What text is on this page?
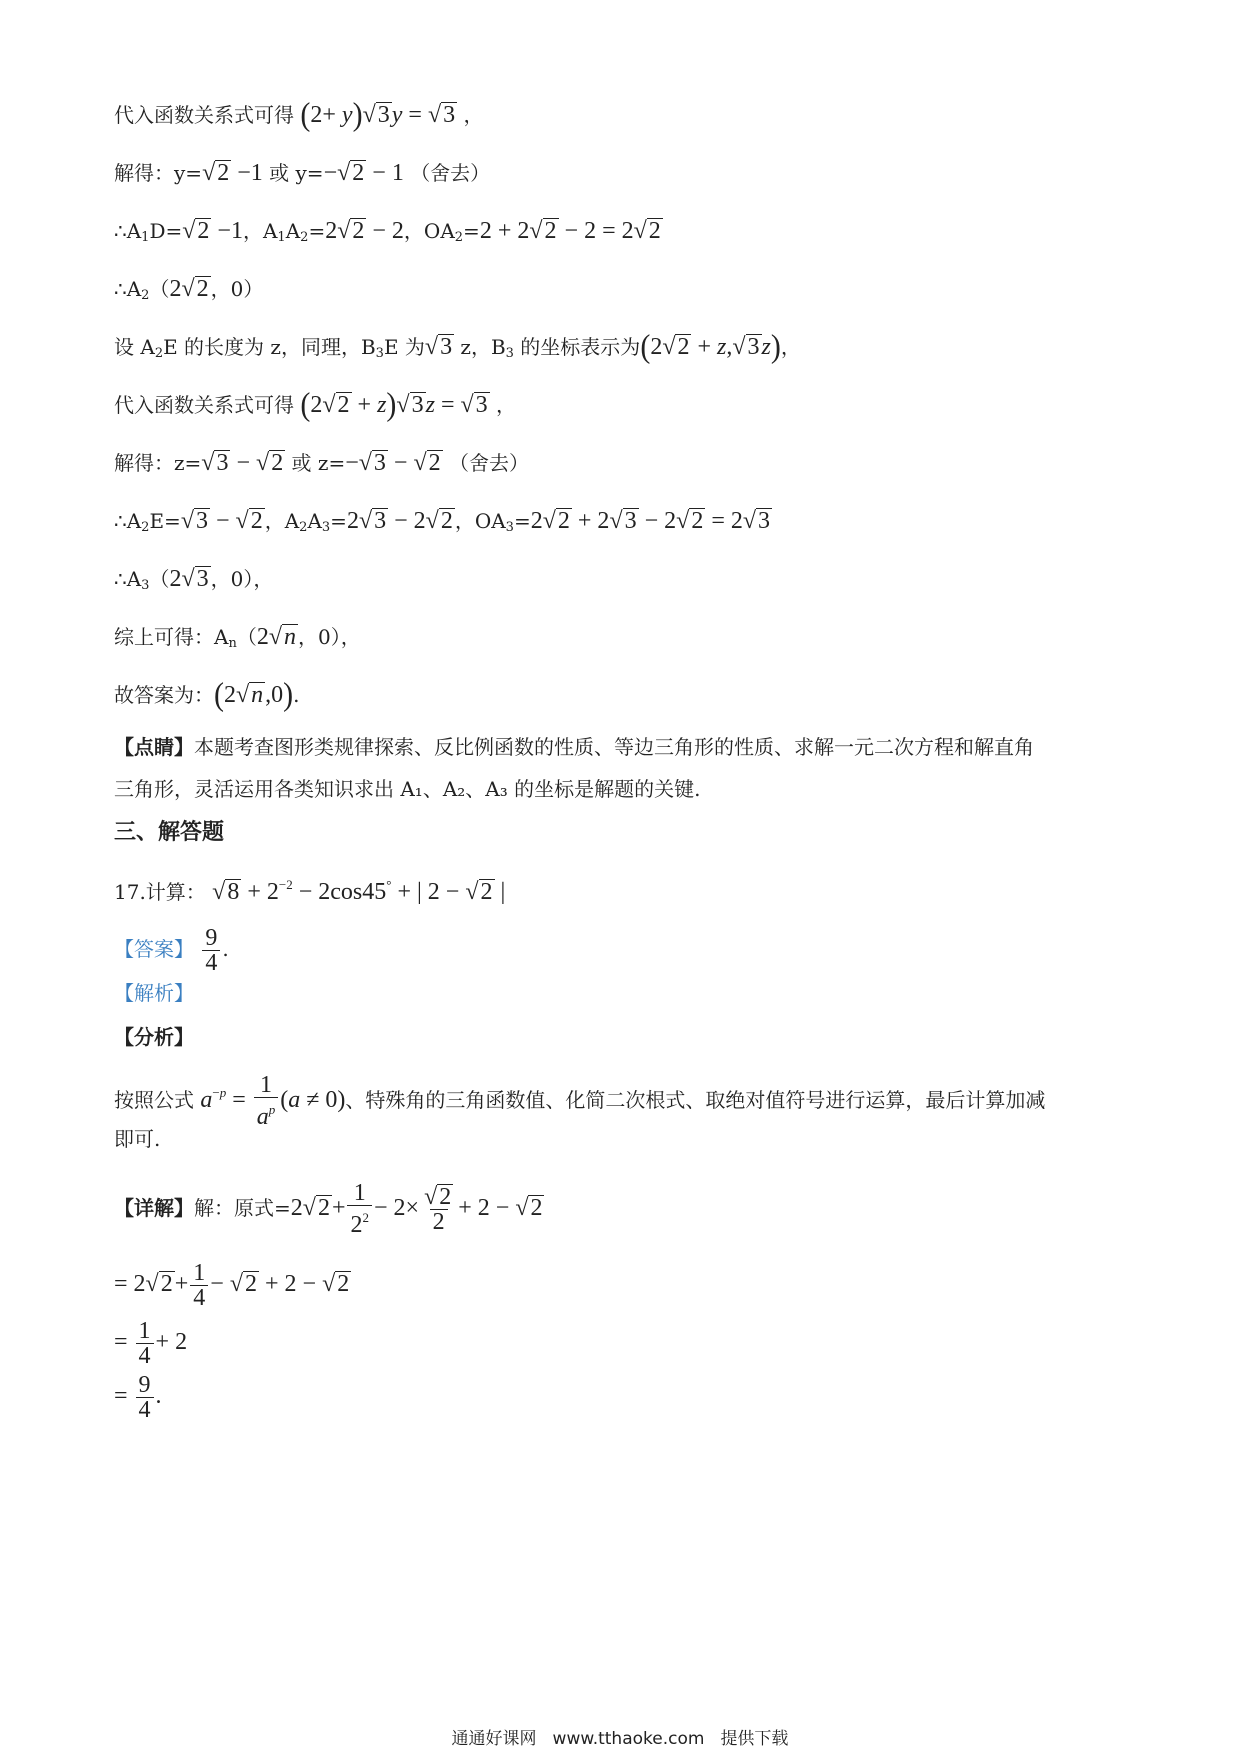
代入函数关系式可得 (2+ y)√3y = √3 ，
解得：y=√2 −1 或 y=−√2 − 1 （舍去）
$\therefore A_1D=√2 -1$，$A_1A_2=2√2 - 2$，$OA_2=2 + 2√2 - 2 = 2√2$
$\therefore A_2(2√2$ ，0）
设 $A_2E$ 的长度为 z，同理，$B_3E$ 为√3 z，$B_3$ 的坐标表示为(2√2 + z,√3z)，
代入函数关系式可得 (2√2 + z)√3z = √3 ，
解得：z=√3 − √2 或 z=−√3 − √2 （舍去）
$\therefore A_2E=√3 - √2$ ，$A_2A_3=2√3 - 2√2$ ，$OA_3=2√2 + 2√3 - 2√2 = 2√3$
$\therefore A_3(2√3$ ，0），
综上可得：$A_n(2√n$ ，0），
故答案为：(2√n,0).
【点睛】本题考查图形类规律探索、反比例函数的性质、等边三角形的性质、求解一元二次方程和解直角
三角形，灵活运用各类知识求出 A₁、A₂、A₃ 的坐标是解题的关键.
三、解答题
17.计算： $√8 + 2^{-2} - 2\cos 45^\circ$ + | 2 − √2 |
【答案】 $\frac{9}{4}$ .
【解析】
【分析】
按照公式 $a^{-p} = \frac{1}{a^p} (a \ne 0)$、特殊角的三角函数值、化简二次根式、取绝对值符号进行运算，最后计算加减
即可.
【详解】解：原式$=2√2+ \frac{1}{2^2} - 2\times \frac{√2}{2} + 2 - √2$
= $2√2+ \frac{1}{4} - √2 + 2 - √2$
= $\frac{1}{4} + 2$
= $\frac{9}{4}$ .
通通好课网 www.tthaoke.com 提供下载
